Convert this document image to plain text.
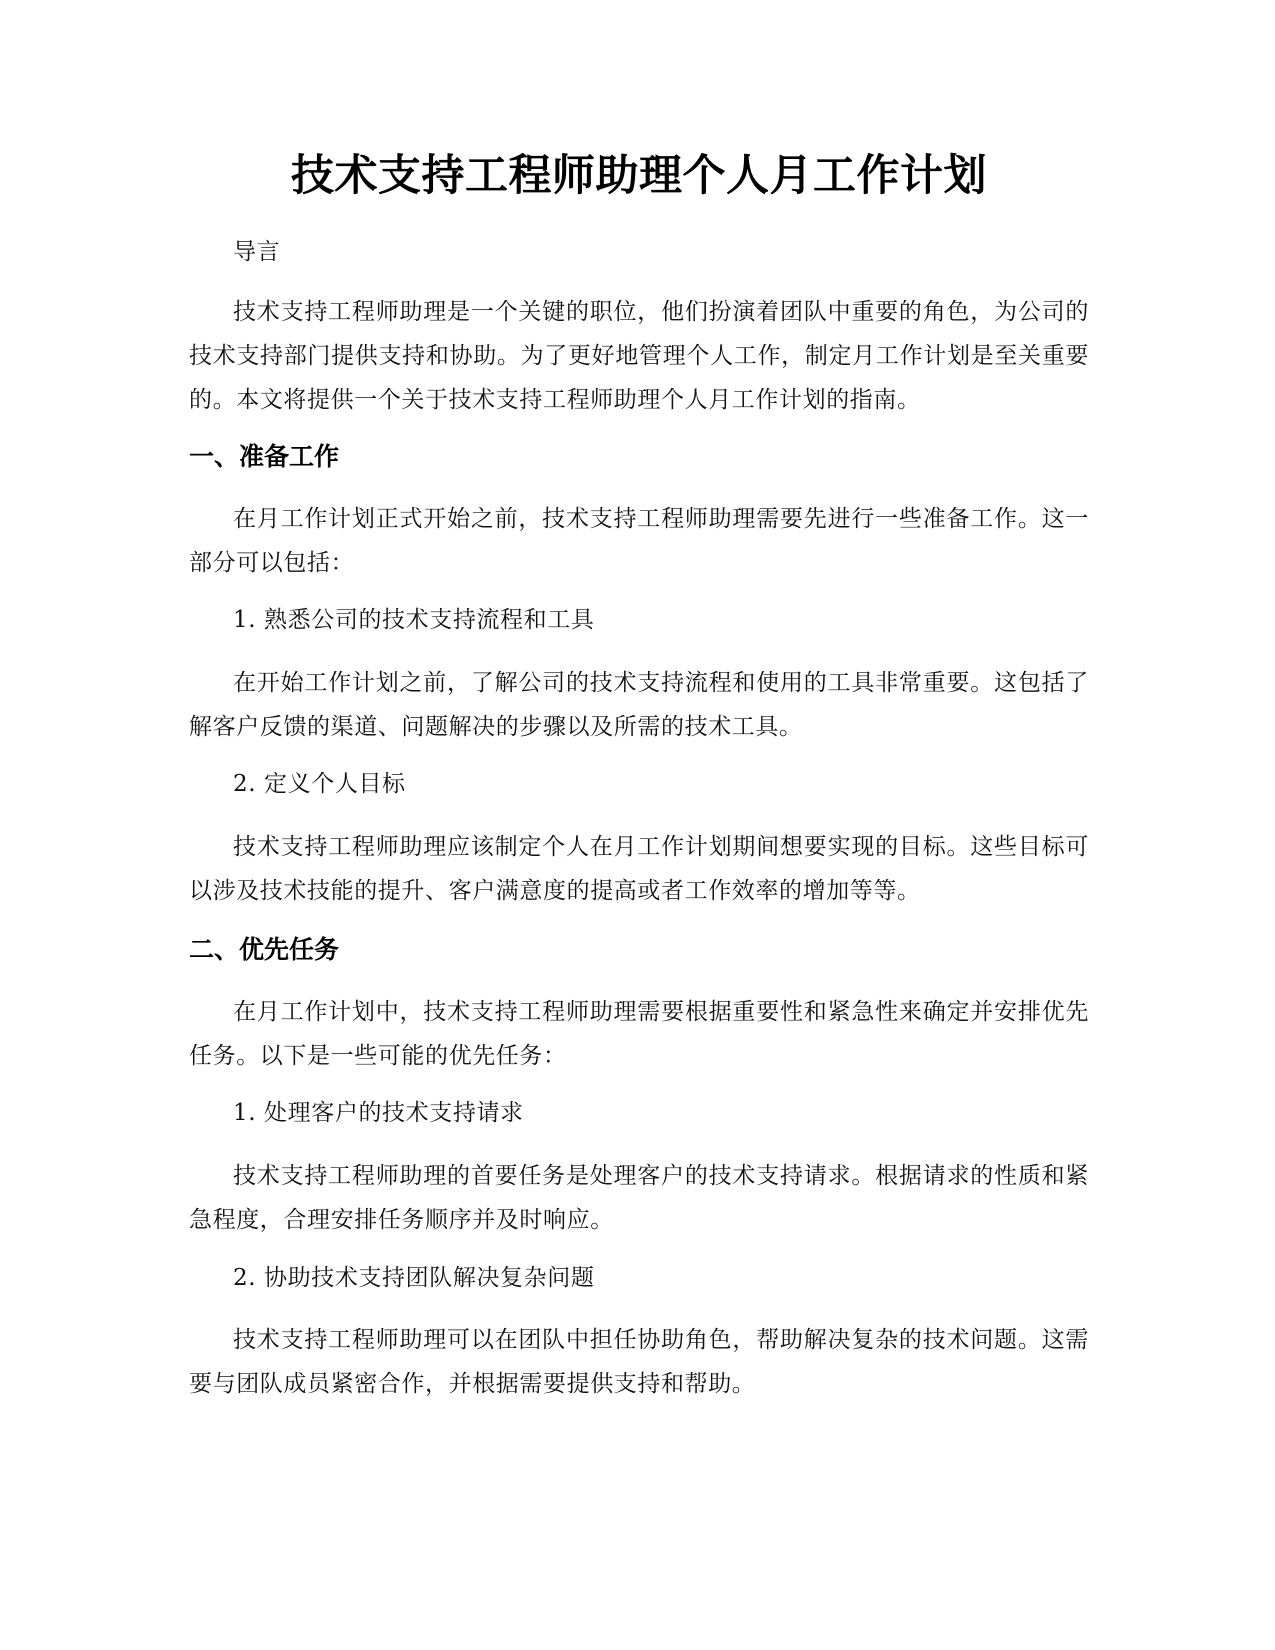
技术支持工程师助理个人月工作计划

导言

技术支持工程师助理是一个关键的职位，他们扮演着团队中重要的角色，为公司的技术支持部门提供支持和协助。为了更好地管理个人工作，制定月工作计划是至关重要的。本文将提供一个关于技术支持工程师助理个人月工作计划的指南。

一、准备工作

在月工作计划正式开始之前，技术支持工程师助理需要先进行一些准备工作。这一部分可以包括：

1. 熟悉公司的技术支持流程和工具

在开始工作计划之前，了解公司的技术支持流程和使用的工具非常重要。这包括了解客户反馈的渠道、问题解决的步骤以及所需的技术工具。

2. 定义个人目标

技术支持工程师助理应该制定个人在月工作计划期间想要实现的目标。这些目标可以涉及技术技能的提升、客户满意度的提高或者工作效率的增加等等。

二、优先任务

在月工作计划中，技术支持工程师助理需要根据重要性和紧急性来确定并安排优先任务。以下是一些可能的优先任务：

1. 处理客户的技术支持请求

技术支持工程师助理的首要任务是处理客户的技术支持请求。根据请求的性质和紧急程度，合理安排任务顺序并及时响应。

2. 协助技术支持团队解决复杂问题

技术支持工程师助理可以在团队中担任协助角色，帮助解决复杂的技术问题。这需要与团队成员紧密合作，并根据需要提供支持和帮助。
